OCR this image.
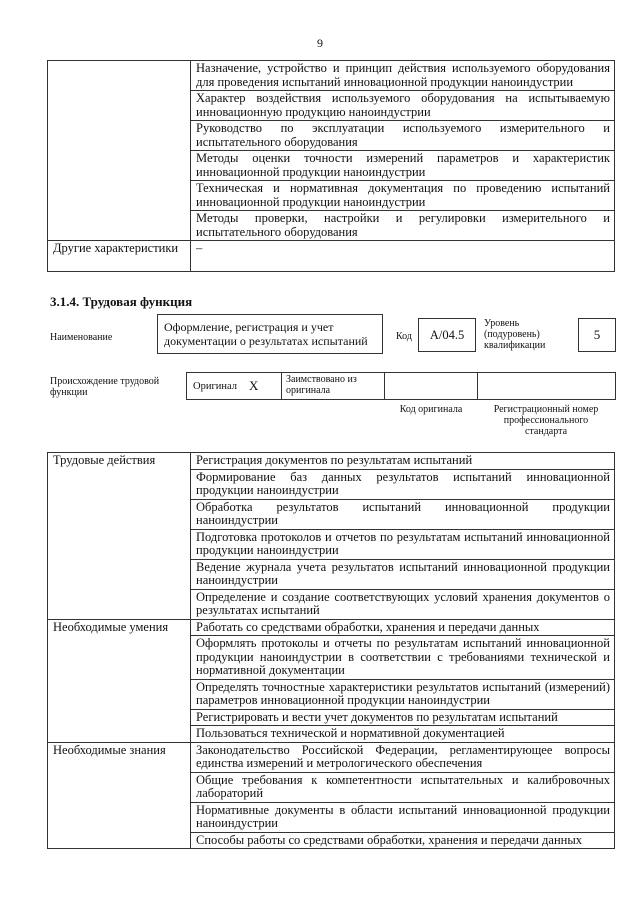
9
	Назначение, устройство и принцип действия используемого оборудования для проведения испытаний инновационной продукции наноиндустрии
	Характер воздействия используемого оборудования на испытываемую инновационную продукцию наноиндустрии
	Руководство по эксплуатации используемого измерительного и испытательного оборудования
	Методы оценки точности измерений параметров и характеристик инновационной продукции наноиндустрии
	Техническая и нормативная документация по проведению испытаний инновационной продукции наноиндустрии
	Методы проверки, настройки и регулировки измерительного и испытательного оборудования
Другие характеристики	–
3.1.4. Трудовая функция
Наименование
Оформление, регистрация и учет документации о результатах испытаний	Код А/04.5
Уровень (подуровень) квалификации
5
Происхождение трудовой функции
Оригинал X	Заимствовано из оригинала
Код оригинала	Регистрационный номер профессионального стандарта
Трудовые действия	Регистрация документов по результатам испытаний
	Формирование баз данных результатов испытаний инновационной продукции наноиндустрии
	Обработка результатов испытаний инновационной продукции наноиндустрии
	Подготовка протоколов и отчетов по результатам испытаний инновационной продукции наноиндустрии
	Ведение журнала учета результатов испытаний инновационной продукции наноиндустрии
	Определение и создание соответствующих условий хранения документов о результатах испытаний
Необходимые умения	Работать со средствами обработки, хранения и передачи данных
	Оформлять протоколы и отчеты по результатам испытаний инновационной продукции наноиндустрии в соответствии с требованиями технической и нормативной документации
	Определять точностные характеристики результатов испытаний (измерений) параметров инновационной продукции наноиндустрии
	Регистрировать и вести учет документов по результатам испытаний
	Пользоваться технической и нормативной документацией
Необходимые знания	Законодательство Российской Федерации, регламентирующее вопросы единства измерений и метрологического обеспечения
	Общие требования к компетентности испытательных и калибровочных лабораторий
	Нормативные документы в области испытаний инновационной продукции наноиндустрии
	Способы работы со средствами обработки, хранения и передачи данных
